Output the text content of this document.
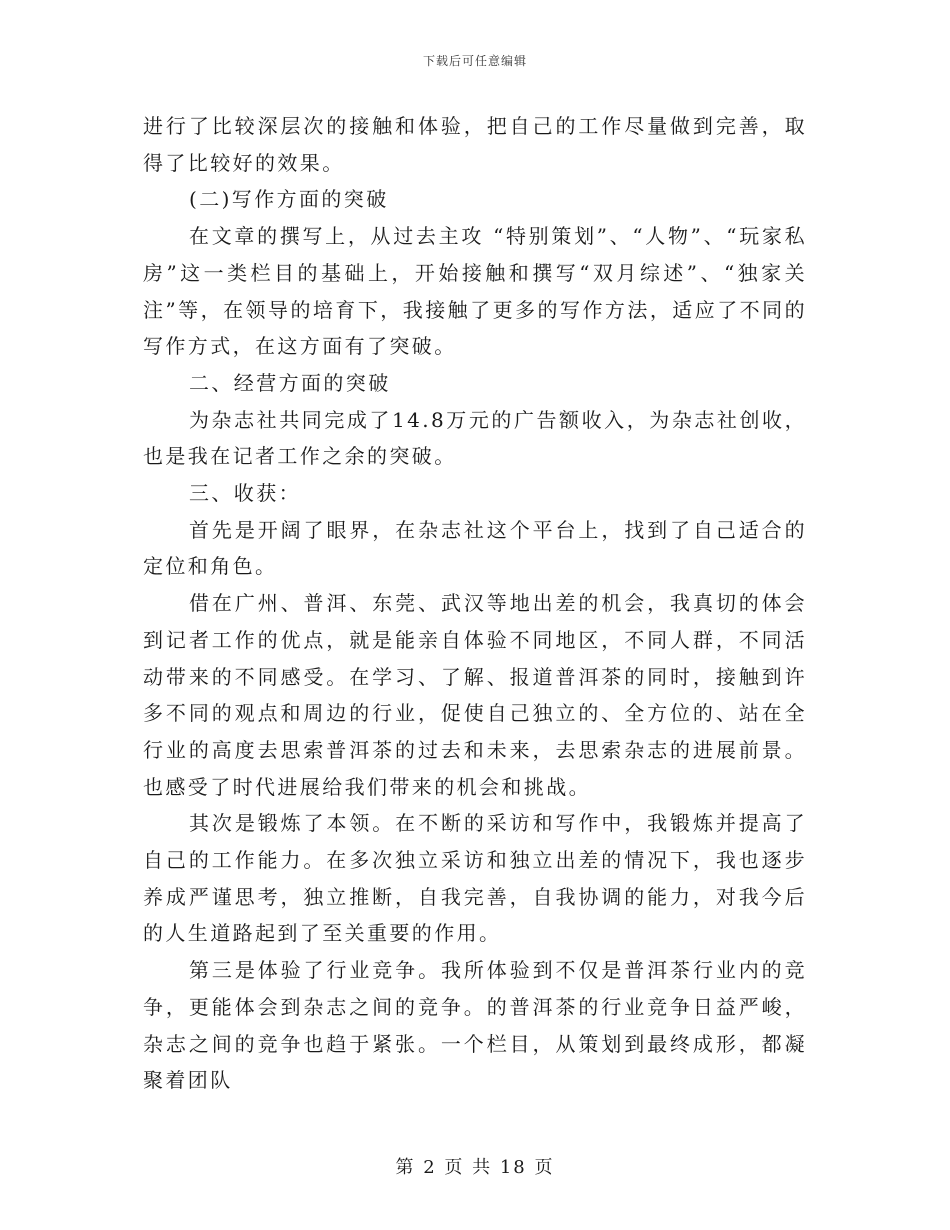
下载后可任意编辑

进行了比较深层次的接触和体验，把自己的工作尽量做到完善，取得了比较好的效果。

(二)写作方面的突破

在文章的撰写上，从过去主攻 “特别策划”、“人物”、“玩家私房”这一类栏目的基础上，开始接触和撰写“双月综述”、“独家关注”等，在领导的培育下，我接触了更多的写作方法，适应了不同的写作方式，在这方面有了突破。

二、经营方面的突破

为杂志社共同完成了14.8万元的广告额收入，为杂志社创收，也是我在记者工作之余的突破。

三、收获：

首先是开阔了眼界，在杂志社这个平台上，找到了自己适合的定位和角色。

借在广州、普洱、东莞、武汉等地出差的机会，我真切的体会到记者工作的优点，就是能亲自体验不同地区，不同人群，不同活动带来的不同感受。在学习、了解、报道普洱茶的同时，接触到许多不同的观点和周边的行业，促使自己独立的、全方位的、站在全行业的高度去思索普洱茶的过去和未来，去思索杂志的进展前景。也感受了时代进展给我们带来的机会和挑战。

其次是锻炼了本领。在不断的采访和写作中，我锻炼并提高了自己的工作能力。在多次独立采访和独立出差的情况下，我也逐步养成严谨思考，独立推断，自我完善，自我协调的能力，对我今后的人生道路起到了至关重要的作用。

第三是体验了行业竞争。我所体验到不仅是普洱茶行业内的竞争，更能体会到杂志之间的竞争。的普洱茶的行业竞争日益严峻，杂志之间的竞争也趋于紧张。一个栏目，从策划到最终成形，都凝聚着团队

第 2 页 共 18 页
